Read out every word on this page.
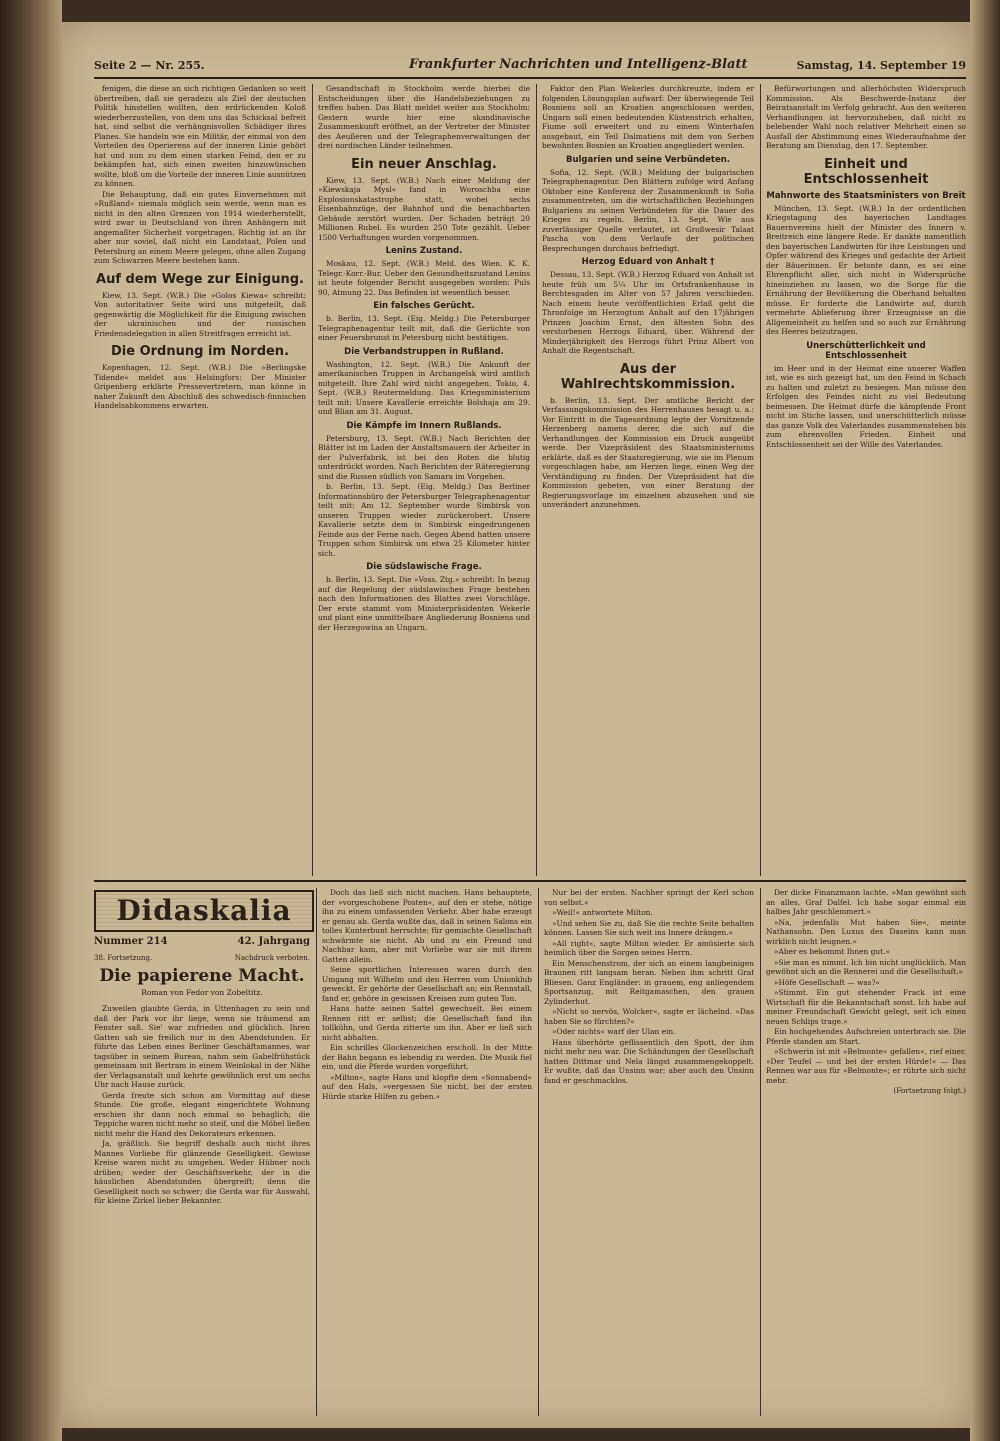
Seite 2 — Nr. 255.	Frankfurter Nachrichten und Intelligenz-Blatt	Samstag, 14. September 19

fenigen, die diese an sich richtigen Gedanken so weit übertreiben, daß sie geradezu als Ziel der deutschen Politik hinstellen wollten, den erdrückenden Koloß wiederherzustellen, von dem uns das Schicksal befreit hat, sind selbst die verhängnisvollen Schädiger ihres Planes. Sie handeln wie ein Militär, der einmal von den Vorteilen des Operierens auf der inneren Linie gehört hat und nun zu dem einen starken Feind, den er zu bekämpfen hat, sich einen zweiten hinzuwünschen wollte, bloß um die Vorteile der inneren Linie ausnützen zu können.

Die Behauptung, daß ein gutes Einvernehmen mit »Rußland« niemals möglich sein werde, wenn man es nicht in den alten Grenzen von 1914 wiederherstellt, wird zwar in Deutschland von ihren Anhängern mit angemaßter Sicherheit vorgetragen. Richtig ist an ihr aber nur soviel, daß nicht ein Landstaat, Polen und Petersburg an einem Meere gelegen, ohne allen Zugang zum Schwarzen Meere bestehen kann.

Auf dem Wege zur Einigung.

Kiew, 13. Sept. (W.B.) Die »Golos Kiewa« schreibt: Von autoritativer Seite wird uns mitgeteilt, daß gegenwärtig die Möglichkeit für die Einigung zwischen der ukrainischen und der russischen Friedensdelegation in allen Streitfragen erreicht ist.

Die Ordnung im Norden.

Kopenhagen, 12. Sept. (W.B.) Die »Berlingske Tidende« meldet aus Helsingfors: Der Minister Gripenberg erklärte Pressevertretern, man könne in naher Zukunft den Abschluß des schwedisch-finnischen Handelsabkommens erwarten.

Gesandtschaft in Stockholm werde hierbei die Entscheidungen über die Handelsbeziehungen zu treffen haben. Das Blatt meldet weiter aus Stockholm: Gestern wurde hier eine skandinavische Zusammenkunft eröffnet, an der Vertreter der Minister des Aeußeren und der Telegraphenverwaltungen der drei nordischen Länder teilnehmen.

Ein neuer Anschlag.

Kiew, 13. Sept. (W.B.) Nach einer Meldung der »Kiewskaja Mysl« fand in Woroschba eine Explosionskatastrophe statt, wobei sechs Eisenbahnzüge, der Bahnhof und die benachbarten Gebäude zerstört wurden. Der Schaden beträgt 20 Millionen Rubel. Es wurden 250 Tote gezählt. Ueber 1500 Verhaftungen wurden vorgenommen.

Lenins Zustand.

Moskau, 12. Sept. (W.B.) Meld. des Wien. K. K. Telegr.-Korr.-Bur. Ueber den Gesundheitszustand Lenins ist heute folgender Bericht ausgegeben worden: Puls 90, Atmung 22. Das Befinden ist wesentlich besser.

Ein falsches Gerücht.

b. Berlin, 13. Sept. (Eig. Meldg.) Die Petersburger Telegraphenagentur teilt mit, daß die Gerüchte von einer Feuersbrunst in Petersburg nicht bestätigen.

Die Verbandstruppen in Rußland.

Washington, 12. Sept. (W.B.) Die Ankunft der amerikanischen Truppen in Archangelsk wird amtlich mitgeteilt. Ihre Zahl wird nicht angegeben. Tokio, 4. Sept. (W.B.) Reutermeldung. Das Kriegsministerium teilt mit: Unsere Kavallerie erreichte Bolshaja am 29. und Blian am 31. August.

Die Kämpfe im Innern Rußlands.

Petersburg, 13. Sept. (W.B.) Nach Berichten der Blätter ist im Laden der Anstaltsmauern der Arbeiter in der Pulverfabrik, ist bei den Roten die blutig unterdrückt worden. Nach Berichten der Räteregierung sind die Russen südlich von Samara im Vorgehen.

b. Berlin, 13. Sept. (Eig. Meldg.) Das Berliner Informationsbüro der Petersburger Telegraphenagentur teilt mit: Am 12. September wurde Simbirsk von unseren Truppen wieder zurückerobert. Unsere Kavallerie setzte dem in Simbirsk eingedrungenen Feinde aus der Ferne nach. Gegen Abend hatten unsere Truppen schon Simbirsk um etwa 25 Kilometer hinter sich.

Die südslawische Frage.

b. Berlin, 13. Sept. Die »Voss. Ztg.« schreibt: In bezug auf die Regelung der südslawischen Frage bestehen nach den Informationen des Blattes zwei Vorschläge. Der erste stammt vom Ministerpräsidenten Wekerle und plant eine unmittelbare Angliederung Bosniens und der Herzegowina an Ungarn.

Faktor den Plan Wekerles durchkreuzte, indem er folgenden Lösungsplan aufwarf: Der überwiegende Teil Bosniens soll an Kroatien angeschlossen werden, Ungarn soll einen bedeutenden Küstenstrich erhalten, Fiume soll erweitert und zu einem Winterhafen ausgebaut, ein Teil Dalmatiens mit dem von Serben bewohnten Bosnien an Kroatien angegliedert werden.

Bulgarien und seine Verbündeten.

Sofia, 12. Sept. (W.B.) Meldung der bulgarischen Telegraphenagentur. Den Blättern zufolge wird Anfang Oktober eine Konferenz der Zusammenkunft in Sofia zusammentreten, um die wirtschaftlichen Beziehungen Bulgariens zu seinen Verbündeten für die Dauer des Krieges zu regeln. Berlin, 13. Sept. Wie aus zuverlässiger Quelle verlautet, ist Großwesir Talaat Pascha von dem Verlaufe der politischen Besprechungen durchaus befriedigt.

Herzog Eduard von Anhalt †

Dessau, 13. Sept. (W.B.) Herzog Eduard von Anhalt ist heute früh um 5¼ Uhr im Ortsfrankenhause in Berchtesgaden im Alter von 57 Jahren verschieden. Nach einem heute veröffentlichten Erlaß geht die Thronfolge im Herzogtum Anhalt auf den 17jährigen Prinzen Joachim Ernst, den ältesten Sohn des verstorbenen Herzogs Eduard, über. Während der Minderjährigkeit des Herzogs führt Prinz Albert von Anhalt die Regentschaft.

Aus der Wahlrechtskommission.

b. Berlin, 13. Sept. Der amtliche Bericht der Verfassungskommission des Herrenhauses besagt u. a.: Vor Eintritt in die Tagesordnung legte der Vorsitzende Herzenberg namens derer, die sich auf die Verhandlungen der Kommission ein Druck ausgeübt werde. Der Vizepräsident des Staatsministeriums erklärte, daß es der Staatsregierung, wie sie im Plenum vorgeschlagen habe, am Herzen liege, einen Weg der Verständigung zu finden. Der Vizepräsident hat die Kommission gebeten, von einer Beratung der Regierungsvorlage im einzelnen abzusehen und sie unverändert anzunehmen.

Befürwortungen und allerhöchsten Widerspruch Kommission. Als Beschwerde-Instanz der Beiratsanstalt im Verfolg gebracht. Aus den weiteren Verhandlungen ist hervorzuheben, daß nicht zu belebender Wahl noch relativer Mehrheit einen so Ausfall der Abstimmung eines Wiederaufnahme der Beratung am Dienstag, den 17. September.

Einheit und Entschlossenheit
Mahnworte des Staatsministers von Breit

München, 13. Sept. (W.B.) In der ordentlichen Kriegstagung des bayerischen Landtages Bauernvereins hielt der Minister des Innern v. Breitreich eine längere Rede. Er dankte namentlich den bayerischen Landwirten für ihre Leistungen und Opfer während des Krieges und gedachte der Arbeit der Bäuerinnen. Er betonte dann, es sei eine Ehrenpflicht aller, sich nicht in Widersprüche hineinziehen zu lassen, wo die Sorge für die Ernährung der Bevölkerung die Oberhand behalten müsse. Er forderte die Landwirte auf, durch vermehrte Ablieferung ihrer Erzeugnisse an die Allgemeinheit zu helfen und so auch zur Ernährung des Heeres beizutragen.

Unerschütterlichkeit und Entschlossenheit

im Heer und in der Heimat eine unserer Waffen ist, wie es sich gezeigt hat, um den Feind in Schach zu halten und zuletzt zu besiegen. Man müsse den Erfolgen des Feindes nicht zu viel Bedeutung beimessen. Die Heimat dürfe die kämpfende Front nicht im Stiche lassen, und unerschütterlich müsse das ganze Volk des Vaterlandes zusammenstehen bis zum ehrenvollen Frieden. Einheit und Entschlossenheit sei der Wille des Vaterlandes.

Didaskalia
Nummer 214	42. Jahrgang
38. Fortsetzung.	Nachdruck verboten.
Die papierene Macht.
Roman von Fedor von Zobeltitz.

Zuweilen glaubte Gerda, in Uttenhagen zu sein und daß der Park vor ihr liege, wenn sie träumend am Fenster saß. Sie' war zufrieden und glücklich. Ihren Gatten sah sie freilich nur in den Abendstunden. Er führte das Leben eines Berliner Geschäftsmannes, war tagsüber in seinem Bureau, nahm sein Gabelfrühstück gemeinsam mit Bertram in einem Weinlokal in der Nähe der Verlagsanstalt und kehrte gewöhnlich erst um sechs Uhr nach Hause zurück.

Gerda freute sich schon am Vormittag auf diese Stunde. Die große, elegant eingerichtete Wohnung erschien ihr dann noch einmal so behaglich; die Teppiche waren nicht mehr so steif, und die Möbel ließen nicht mehr die Hand des Dekorateurs erkennen.

Ja, gräßlich. Sie begriff deshalb auch nicht ihres Mannes Vorliebe für glänzende Geselligkeit. Gewisse Kreise waren nicht zu umgehen. Weder Hübner noch drüben; weder der Geschäftsverkehr, der in die häuslichen Abendstunden übergreift; denn die Geselligkeit noch so schwer; die Gerda war für Auswahl, für kleine Zirkel lieber Bekannter.

Doch das ließ sich nicht machen. Hans behauptete, der »vorgeschobene Posten«, auf den er stehe, nötige ihn zu einem umfassenden Verkehr. Aber habe erzeugt er genau ab. Gerda wußte das, daß in seinen Salons ein tolles Kunterbunt herrschte; für gemischte Gesellschaft schwärmte sie nicht. Ab und zu ein Freund und Nachbar kam, aber mit Vorliebe war sie mit ihrem Gatten allein.

Seine sportlichen Interessen waren durch den Umgang mit Wilhelm und den Herren vom Unionklub geweckt. Er gehörte der Gesellschaft an; ein Rennstall, fand er, gehöre in gewissen Kreisen zum guten Ton.

Hans hatte seinen Sattel gewechselt. Bei einem Rennen ritt er selbst; die Gesellschaft fand ihn tollkühn, und Gerda zitterte um ihn. Aber er ließ sich nicht abhalten.

Ein schrilles Glockenzeichen erscholl. In der Mitte der Bahn begann es lebendig zu werden. Die Musik fiel ein, und die Pferde wurden vorgeführt.

»Milton«, sagte Hans und klopfte dem »Sonnabend« auf den Hals, »vergessen Sie nicht, bei der ersten Hürde starke Hilfen zu geben.«

Nur bei der ersten. Nachher springt der Kerl schon von selbst.«

»Weil!« antwortete Milton.

»Und sehen Sie zu, daß Sie die rechte Seite behalten können. Lassen Sie sich weit ins Innere drängen.«

»All right«, sagte Milton wieder. Er amüsierte sich heimlich über die Sorgen seines Herrn.

Ein Menschenstrom, der sich an einem langbeinigen Braunen ritt langsam heran. Neben ihm schritt Graf Bliesen. Ganz Engländer: in grauem, eng anliegendem Sportsanzug, mit Reitgamaschen, den grauen Zylinderhut.

»Nicht so nervös, Wolcker«, sagte er lächelnd. »Das haben Sie so fürchten?«

»Oder nichts« warf der Ulan ein.

Hans überhörte geflissentlich den Spott, der ihm nicht mehr neu war. Die Schändungen der Gesellschaft hatten Dittmar und Nela längst zusammengekoppelt. Er wußte, daß das Unsinn war; aber auch den Unsinn fand er geschmacklos.

Der dicke Finanzmann lachte. »Man gewöhnt sich an alles, Graf Dalfel. Ich habe sogar einmal ein halbes Jahr geschlemmert.«

»Na, jedenfalls Mut haben Sie«, meinte Nathansohn. Den Luxus des Daseins kann man wirklich nicht leugnen.«

»Aber es bekommt Ihnen gut.«

»Sie man es nimmt. Ich bin nicht unglücklich. Man gewöhnt sich an die Rennerei und die Gesellschaft.«

»Höfe Gesellschaft — was?«

»Stimmt. Ein gut stehender Frack ist eine Wirtschaft für die Bekanntschaft sonst. Ich habe auf meiner Freundschaft Gewicht gelegt, seit ich einen neuen Schlips trage.«

Ein hochgehendes Aufschreien unterbrach sie. Die Pferde standen am Start.

»Schwerin ist mit »Belmonte« gefallen«, rief einer. »Der Teufel — und bei der ersten Hürde!« — Das Rennen war aus für »Belmonte«; er rührte sich nicht mehr.

(Fortsetzung folgt.)
